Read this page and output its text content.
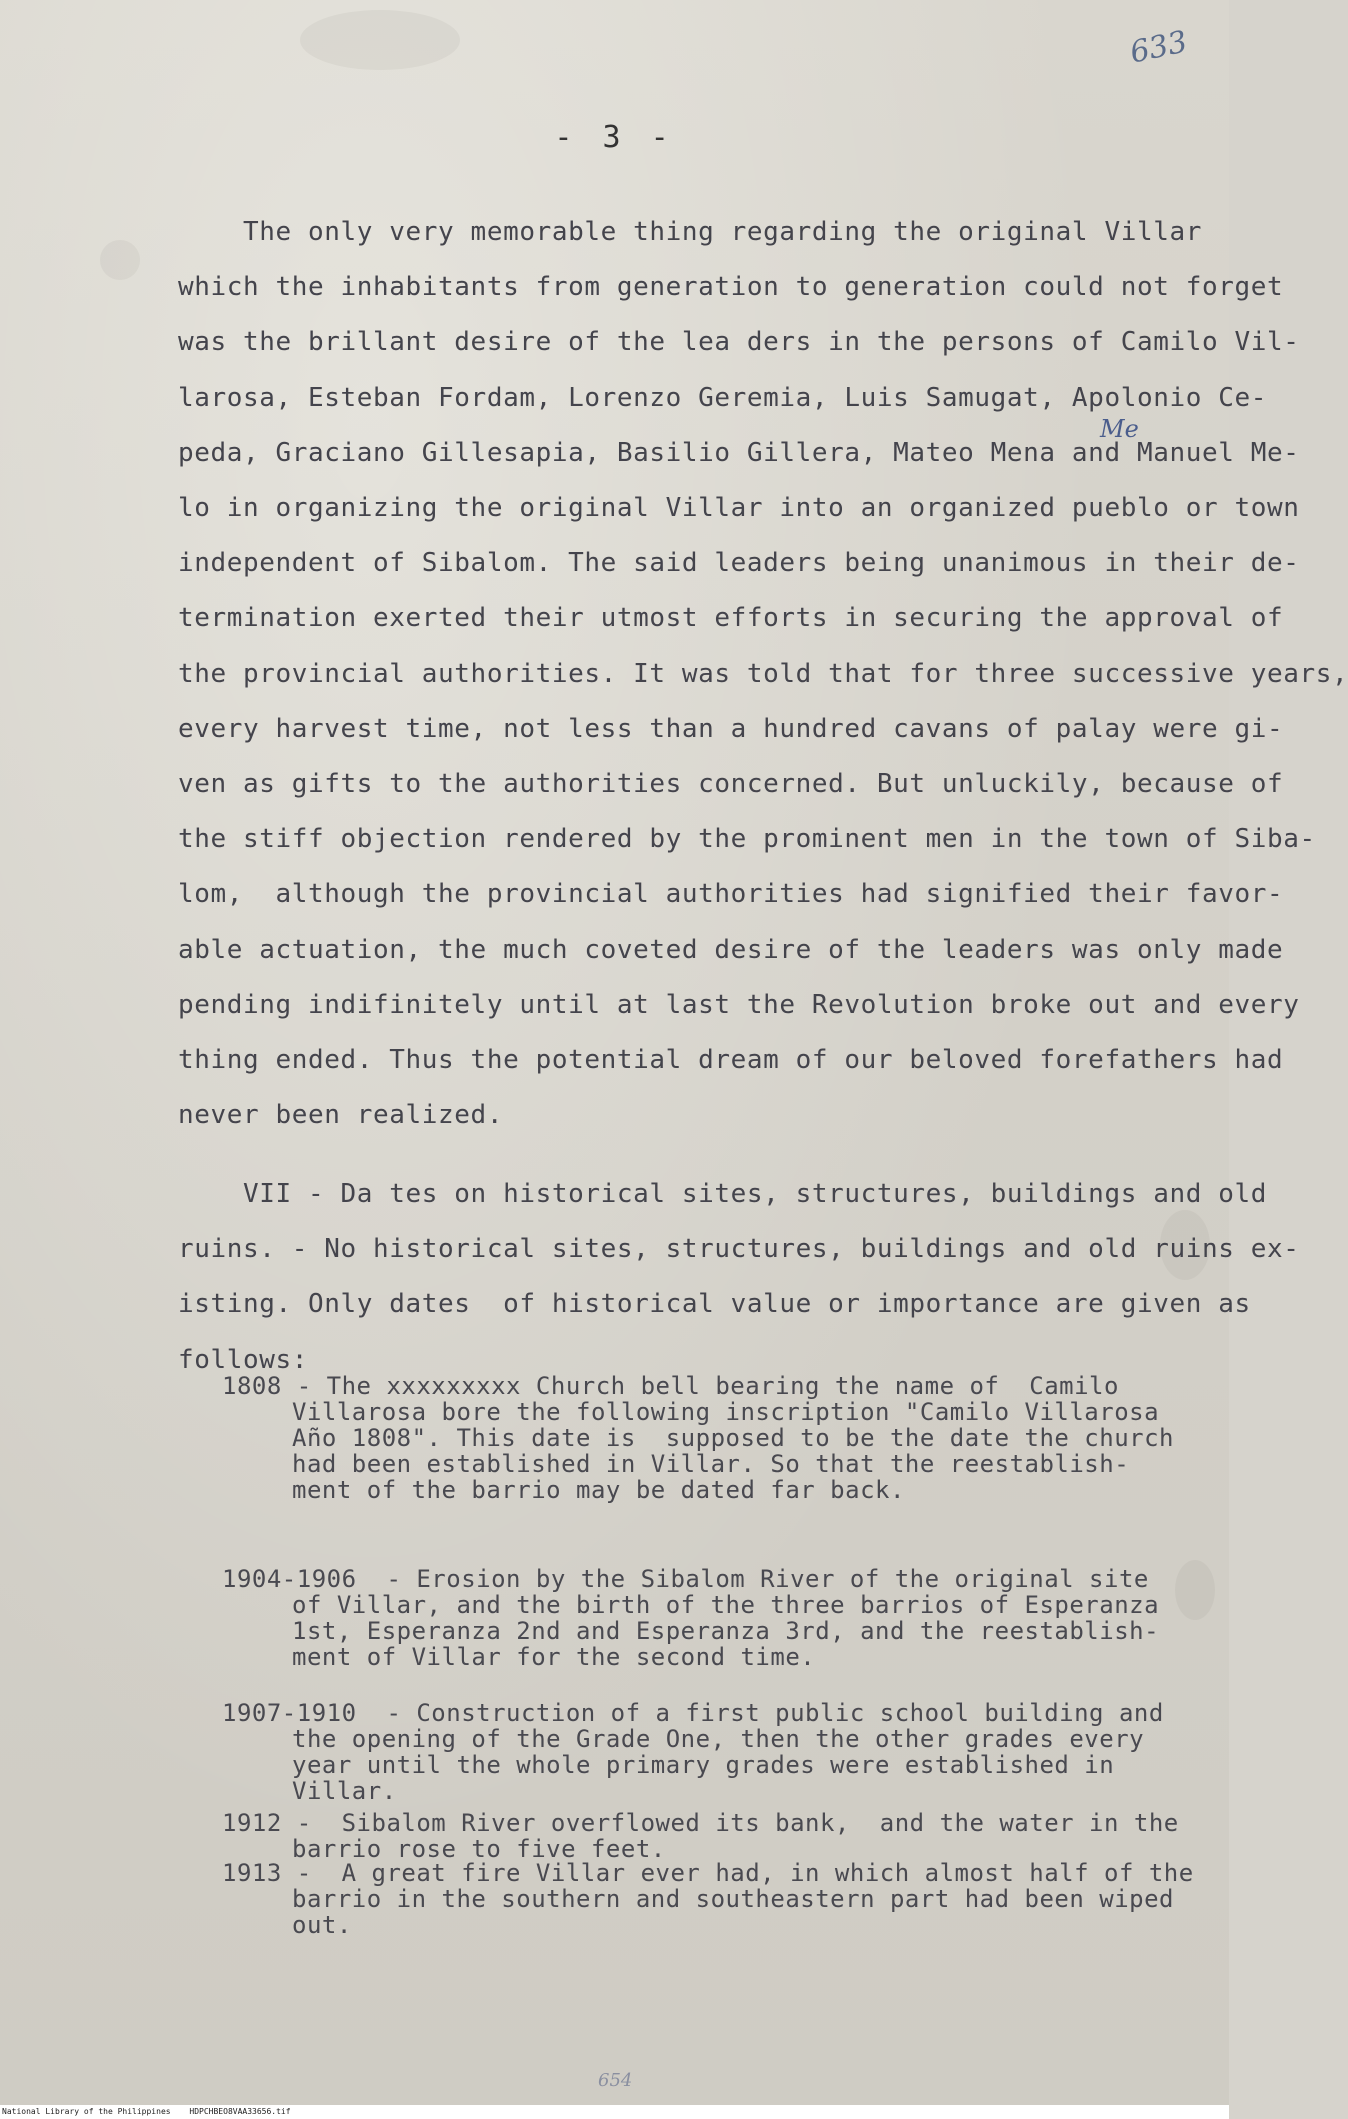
633
- 3 -
The only very memorable thing regarding the original Villar
which the inhabitants from generation to generation could not forget
was the brillant desire of the lea ders in the persons of Camilo Vil-
larosa, Esteban Fordam, Lorenzo Geremia, Luis Samugat, Apolonio Ce-
peda, Graciano Gillesapia, Basilio Gillera, Mateo Mena and Manuel Me-
lo in organizing the original Villar into an organized pueblo or town
independent of Sibalom. The said leaders being unanimous in their de-
termination exerted their utmost efforts in securing the approval of
the provincial authorities. It was told that for three successive years,
every harvest time, not less than a hundred cavans of palay were gi-
ven as gifts to the authorities concerned. But unluckily, because of
the stiff objection rendered by the prominent men in the town of Siba-
lom,  although the provincial authorities had signified their favor-
able actuation, the much coveted desire of the leaders was only made
pending indifinitely until at last the Revolution broke out and every
thing ended. Thus the potential dream of our beloved forefathers had
never been realized.
Me
VII - Da tes on historical sites, structures, buildings and old
ruins. - No historical sites, structures, buildings and old ruins ex-
isting. Only dates  of historical value or importance are given as
follows:
1808 - The xxxxxxxxx Church bell bearing the name of  Camilo
Villarosa bore the following inscription "Camilo Villarosa
Año 1808". This date is  supposed to be the date the church
had been established in Villar. So that the reestablish-
ment of the barrio may be dated far back.
1904-1906  - Erosion by the Sibalom River of the original site
of Villar, and the birth of the three barrios of Esperanza
1st, Esperanza 2nd and Esperanza 3rd, and the reestablish-
ment of Villar for the second time.
1907-1910  - Construction of a first public school building and
the opening of the Grade One, then the other grades every
year until the whole primary grades were established in
Villar.
1912 -  Sibalom River overflowed its bank,  and the water in the
barrio rose to five feet.
1913 -  A great fire Villar ever had, in which almost half of the
barrio in the southern and southeastern part had been wiped
out.
654
National Library of the Philippines HDPCHBEO8VAA33656.tif
